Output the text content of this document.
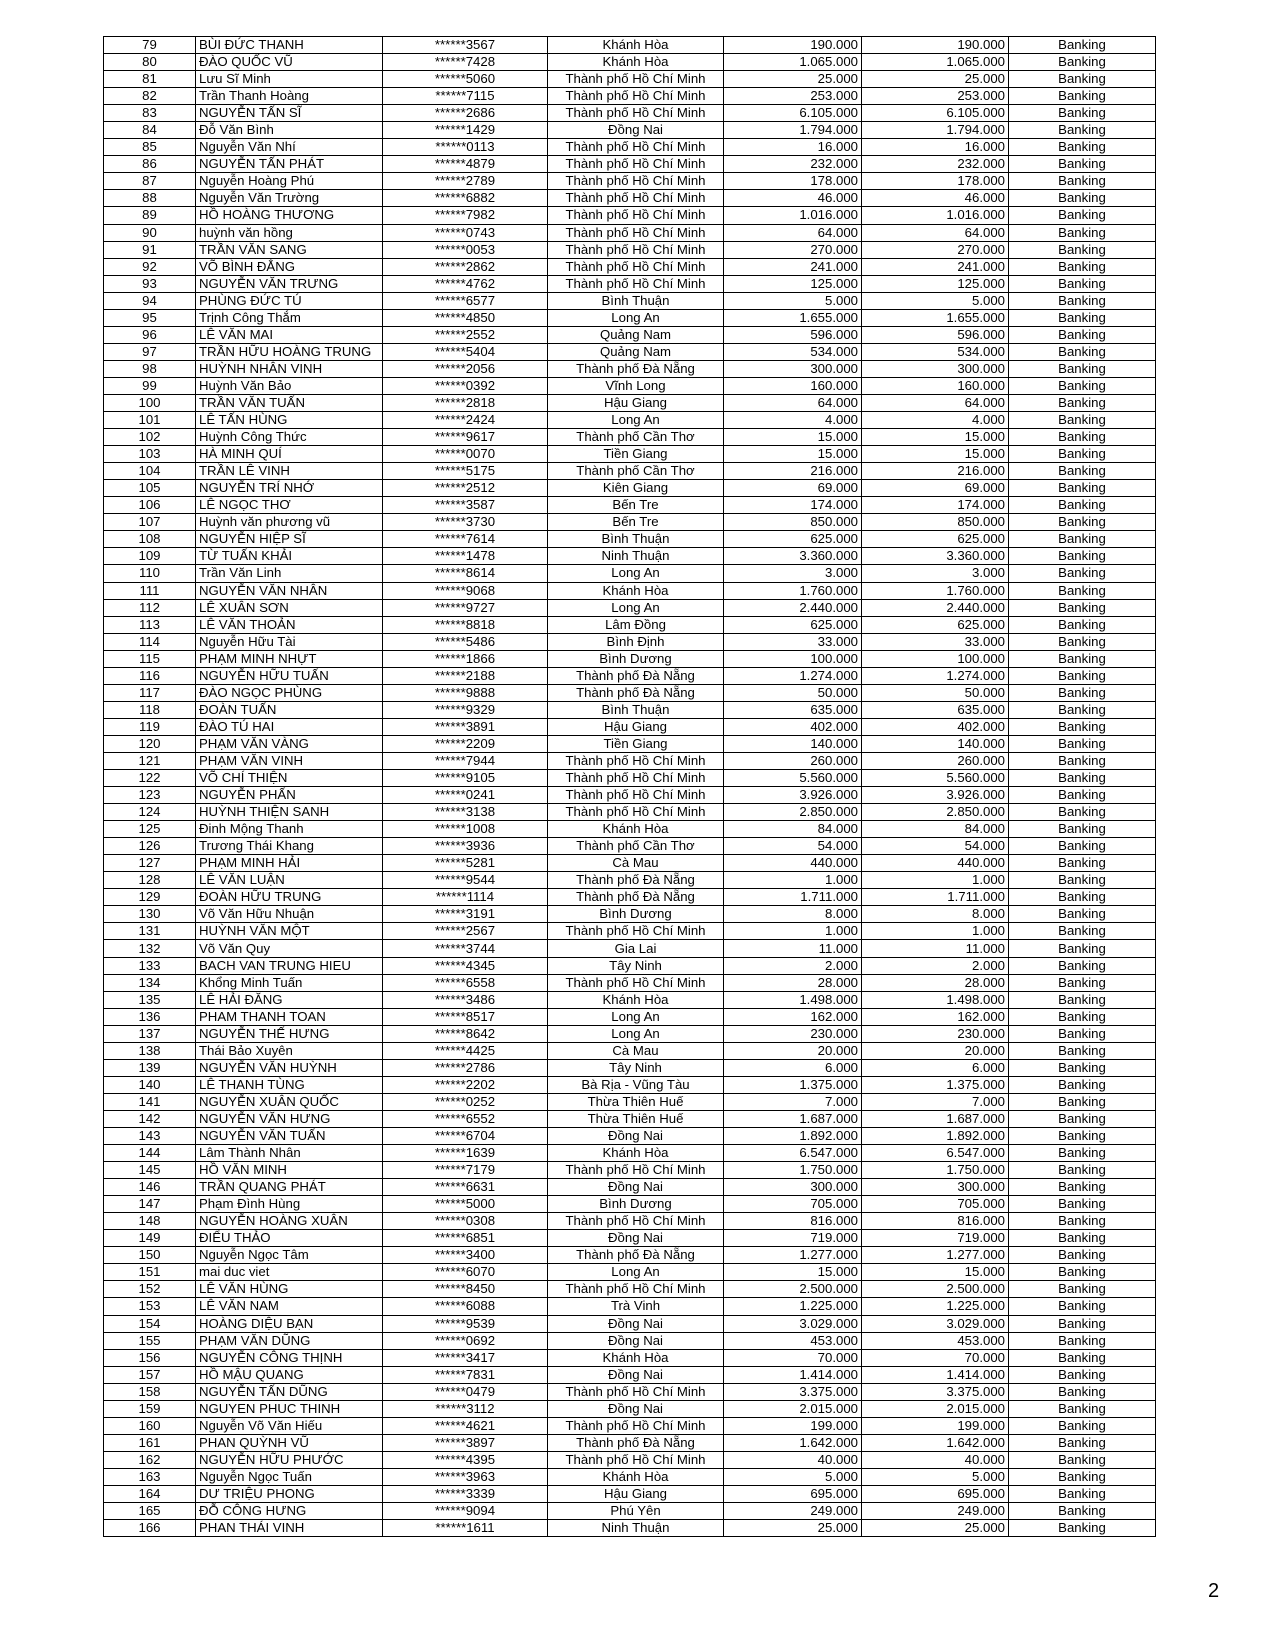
79	BÙI ĐỨC THANH	******3567	Khánh Hòa	190.000	190.000	Banking
80	ĐÀO QUỐC VŨ	******7428	Khánh Hòa	1.065.000	1.065.000	Banking
81	Lưu Sĩ Minh	******5060	Thành phố Hồ Chí Minh	25.000	25.000	Banking
82	Trần Thanh Hoàng	******7115	Thành phố Hồ Chí Minh	253.000	253.000	Banking
83	NGUYỄN TẤN SĨ	******2686	Thành phố Hồ Chí Minh	6.105.000	6.105.000	Banking
84	Đỗ Văn Bình	******1429	Đồng Nai	1.794.000	1.794.000	Banking
85	Nguyễn Văn Nhí	******0113	Thành phố Hồ Chí Minh	16.000	16.000	Banking
86	NGUYỄN TẤN PHÁT	******4879	Thành phố Hồ Chí Minh	232.000	232.000	Banking
87	Nguyễn Hoàng Phú	******2789	Thành phố Hồ Chí Minh	178.000	178.000	Banking
88	Nguyễn Văn Trường	******6882	Thành phố Hồ Chí Minh	46.000	46.000	Banking
89	HỒ HOÀNG THƯƠNG	******7982	Thành phố Hồ Chí Minh	1.016.000	1.016.000	Banking
90	huỳnh văn hồng	******0743	Thành phố Hồ Chí Minh	64.000	64.000	Banking
91	TRẦN VĂN SANG	******0053	Thành phố Hồ Chí Minh	270.000	270.000	Banking
92	VÕ BÌNH ĐẲNG	******2862	Thành phố Hồ Chí Minh	241.000	241.000	Banking
93	NGUYỄN VĂN TRƯNG	******4762	Thành phố Hồ Chí Minh	125.000	125.000	Banking
94	PHÙNG ĐỨC TÚ	******6577	Bình Thuận	5.000	5.000	Banking
95	Trịnh Công Thắm	******4850	Long An	1.655.000	1.655.000	Banking
96	LÊ VĂN MAI	******2552	Quảng Nam	596.000	596.000	Banking
97	TRẦN HỮU HOÀNG TRUNG	******5404	Quảng Nam	534.000	534.000	Banking
98	HUỲNH NHÂN VINH	******2056	Thành phố Đà Nẵng	300.000	300.000	Banking
99	Huỳnh Văn Bảo	******0392	Vĩnh Long	160.000	160.000	Banking
100	TRẦN VĂN TUẤN	******2818	Hậu Giang	64.000	64.000	Banking
101	LÊ TẤN HÙNG	******2424	Long An	4.000	4.000	Banking
102	Huỳnh Công Thức	******9617	Thành phố Cần Thơ	15.000	15.000	Banking
103	HÀ MINH QUÍ	******0070	Tiền Giang	15.000	15.000	Banking
104	TRẦN LÊ VINH	******5175	Thành phố Cần Thơ	216.000	216.000	Banking
105	NGUYỄN TRÍ NHỚ	******2512	Kiên Giang	69.000	69.000	Banking
106	LÊ NGỌC THƠ	******3587	Bến Tre	174.000	174.000	Banking
107	Huỳnh văn phương vũ	******3730	Bến Tre	850.000	850.000	Banking
108	NGUYỄN HIỆP SĨ	******7614	Bình Thuận	625.000	625.000	Banking
109	TỪ TUẤN KHẢI	******1478	Ninh Thuận	3.360.000	3.360.000	Banking
110	Trần Văn Linh	******8614	Long An	3.000	3.000	Banking
111	NGUYỄN VĂN NHÂN	******9068	Khánh Hòa	1.760.000	1.760.000	Banking
112	LÊ XUÂN SƠN	******9727	Long An	2.440.000	2.440.000	Banking
113	LÊ VĂN THOẢN	******8818	Lâm Đồng	625.000	625.000	Banking
114	Nguyễn Hữu Tài	******5486	Bình Định	33.000	33.000	Banking
115	PHẠM MINH NHỰT	******1866	Bình Dương	100.000	100.000	Banking
116	NGUYỄN HỮU TUẤN	******2188	Thành phố Đà Nẵng	1.274.000	1.274.000	Banking
117	ĐÀO NGỌC PHÙNG	******9888	Thành phố Đà Nẵng	50.000	50.000	Banking
118	ĐOÀN TUẤN	******9329	Bình Thuận	635.000	635.000	Banking
119	ĐÀO TÚ HAI	******3891	Hậu Giang	402.000	402.000	Banking
120	PHẠM VĂN VÀNG	******2209	Tiền Giang	140.000	140.000	Banking
121	PHẠM VĂN VINH	******7944	Thành phố Hồ Chí Minh	260.000	260.000	Banking
122	VÕ CHÍ THIỆN	******9105	Thành phố Hồ Chí Minh	5.560.000	5.560.000	Banking
123	NGUYỄN PHẤN	******0241	Thành phố Hồ Chí Minh	3.926.000	3.926.000	Banking
124	HUỲNH THIỆN SANH	******3138	Thành phố Hồ Chí Minh	2.850.000	2.850.000	Banking
125	Đinh Mộng Thanh	******1008	Khánh Hòa	84.000	84.000	Banking
126	Trương Thái Khang	******3936	Thành phố Cần Thơ	54.000	54.000	Banking
127	PHẠM MINH HẢI	******5281	Cà Mau	440.000	440.000	Banking
128	LÊ VĂN LUẬN	******9544	Thành phố Đà Nẵng	1.000	1.000	Banking
129	ĐOÀN HỮU TRUNG	******1114	Thành phố Đà Nẵng	1.711.000	1.711.000	Banking
130	Võ Văn Hữu Nhuận	******3191	Bình Dương	8.000	8.000	Banking
131	HUỲNH VĂN MỘT	******2567	Thành phố Hồ Chí Minh	1.000	1.000	Banking
132	Võ Văn Quy	******3744	Gia Lai	11.000	11.000	Banking
133	BACH VAN TRUNG HIEU	******4345	Tây Ninh	2.000	2.000	Banking
134	Khổng Minh Tuấn	******6558	Thành phố Hồ Chí Minh	28.000	28.000	Banking
135	LÊ HẢI ĐĂNG	******3486	Khánh Hòa	1.498.000	1.498.000	Banking
136	PHAM THANH TOAN	******8517	Long An	162.000	162.000	Banking
137	NGUYỄN THẾ HƯNG	******8642	Long An	230.000	230.000	Banking
138	Thái Bảo Xuyên	******4425	Cà Mau	20.000	20.000	Banking
139	NGUYỄN VĂN HUỲNH	******2786	Tây Ninh	6.000	6.000	Banking
140	LÊ THANH TÙNG	******2202	Bà Rịa - Vũng Tàu	1.375.000	1.375.000	Banking
141	NGUYỄN XUÂN QUỐC	******0252	Thừa Thiên Huế	7.000	7.000	Banking
142	NGUYỄN VĂN HƯNG	******6552	Thừa Thiên Huế	1.687.000	1.687.000	Banking
143	NGUYỄN VĂN TUẤN	******6704	Đồng Nai	1.892.000	1.892.000	Banking
144	Lâm Thành Nhân	******1639	Khánh Hòa	6.547.000	6.547.000	Banking
145	HỒ VĂN MINH	******7179	Thành phố Hồ Chí Minh	1.750.000	1.750.000	Banking
146	TRẦN QUANG PHÁT	******6631	Đồng Nai	300.000	300.000	Banking
147	Phạm Đình Hùng	******5000	Bình Dương	705.000	705.000	Banking
148	NGUYỄN HOÀNG XUÂN	******0308	Thành phố Hồ Chí Minh	816.000	816.000	Banking
149	ĐIỂU THẢO	******6851	Đồng Nai	719.000	719.000	Banking
150	Nguyễn Ngọc Tâm	******3400	Thành phố Đà Nẵng	1.277.000	1.277.000	Banking
151	mai duc viet	******6070	Long An	15.000	15.000	Banking
152	LÊ VĂN HÙNG	******8450	Thành phố Hồ Chí Minh	2.500.000	2.500.000	Banking
153	LÊ VĂN NAM	******6088	Trà Vinh	1.225.000	1.225.000	Banking
154	HOÀNG DIỆU BẠN	******9539	Đồng Nai	3.029.000	3.029.000	Banking
155	PHẠM VĂN DŨNG	******0692	Đồng Nai	453.000	453.000	Banking
156	NGUYỄN CÔNG THỊNH	******3417	Khánh Hòa	70.000	70.000	Banking
157	HỒ MẬU QUANG	******7831	Đồng Nai	1.414.000	1.414.000	Banking
158	NGUYỄN TẤN DŨNG	******0479	Thành phố Hồ Chí Minh	3.375.000	3.375.000	Banking
159	NGUYEN PHUC THINH	******3112	Đồng Nai	2.015.000	2.015.000	Banking
160	Nguyễn Võ Văn Hiếu	******4621	Thành phố Hồ Chí Minh	199.000	199.000	Banking
161	PHAN QUỲNH VŨ	******3897	Thành phố Đà Nẵng	1.642.000	1.642.000	Banking
162	NGUYỄN HỮU PHƯỚC	******4395	Thành phố Hồ Chí Minh	40.000	40.000	Banking
163	Nguyễn Ngọc Tuấn	******3963	Khánh Hòa	5.000	5.000	Banking
164	DƯ TRIỆU PHONG	******3339	Hậu Giang	695.000	695.000	Banking
165	ĐỖ CÔNG HƯNG	******9094	Phú Yên	249.000	249.000	Banking
166	PHAN THÁI VINH	******1611	Ninh Thuận	25.000	25.000	Banking
2
